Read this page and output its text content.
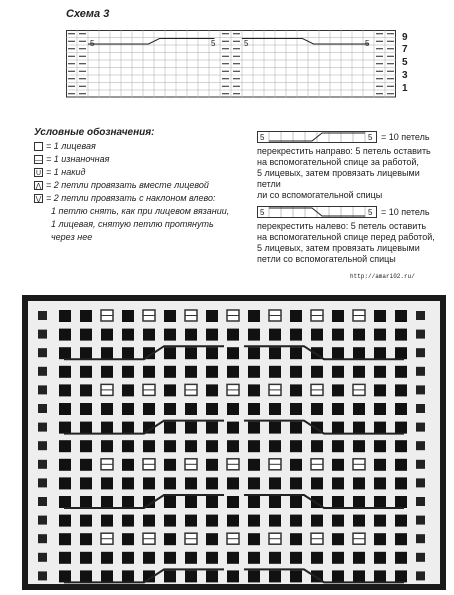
Схема 3
5	5	5	5
9
7
5
3
1
Условные обозначения:
= 1 лицевая
— = 1 изнаночная
U = 1 накид
⋀ = 2 петли провязать вместе лицевой
⋁ = 2 петли провязать с наклоном влево:
1 петлю снять, как при лицевом вязании,
1 лицевая, снятую петлю протянуть
через нее
5	5 = 10 петель
перекрестить направо: 5 петель оставить
на вспомогательной спице за работой,
5 лицевых, затем провязать лицевыми петли
ли со вспомогательной спицы
5	5 = 10 петель
перекрестить налево: 5 петель оставить
на вспомогательной спице перед работой,
5 лицевых, затем провязать лицевыми
петли со вспомогательной спицы
http://amari02.ru/
